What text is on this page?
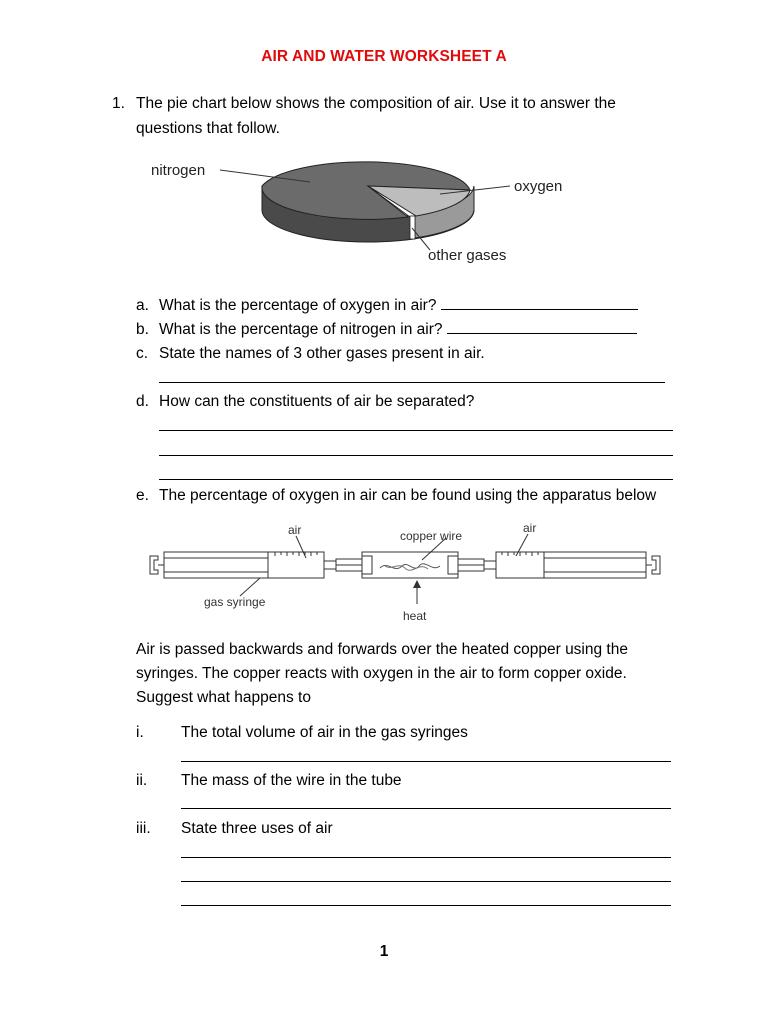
AIR AND WATER WORKSHEET A
1. The pie chart below shows the composition of air. Use it to answer the
questions that follow.
nitrogen
oxygen
other gases
a. What is the percentage of oxygen in air?
b. What is the percentage of nitrogen in air?
c. State the names of 3 other gases present in air.
d. How can the constituents of air be separated?
e. The percentage of oxygen in air can be found using the apparatus below
air	copper wire
air
gas syringe
heat
Air is passed backwards and forwards over the heated copper using the
syringes. The copper reacts with oxygen in the air to form copper oxide.
Suggest what happens to
i. The total volume of air in the gas syringes
ii. The mass of the wire in the tube
iii. State three uses of air
1
